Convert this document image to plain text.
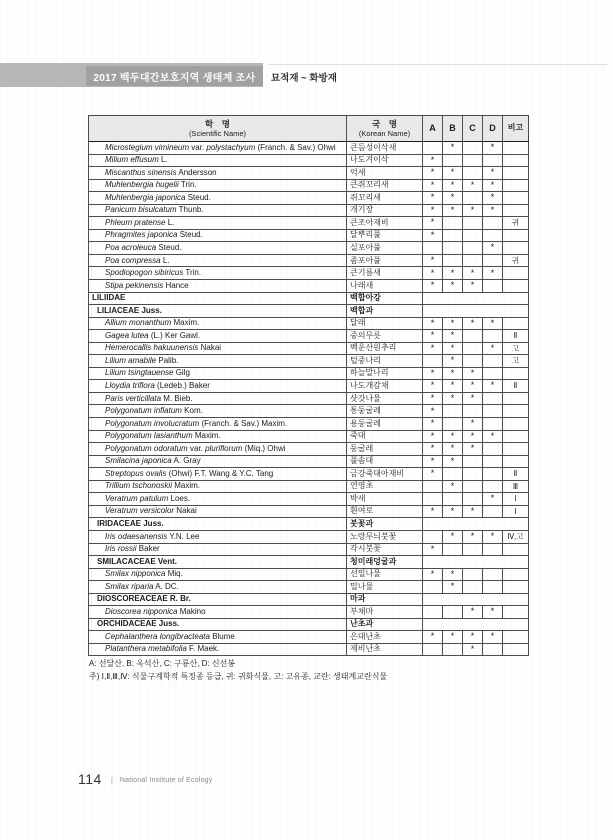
2017 백두대간보호지역 생태계 조사	묘적재 ~ 화방재
학　명
(Scientific Name)

국　명
(Korean Name)
	A	B	C	D	비고
Microstegium vimineum var. polystachyum (Franch. & Sav.) Ohwi	큰듬성이삭새		*		*	
Milium effusum L.	나도겨이삭	*				
Miscanthus sinensis Andersson	억새	*	*		*	
Muhlenbergia hugelii Trin.	큰쥐꼬리새	*	*	*	*	
Muhlenbergia japonica Steud.	쥐꼬리새	*	*		*	
Panicum bisulcatum Thunb.	개기장	*	*	*	*	
Phleum pratense L.	큰조아재비	*				귀
Phragmites japonica Steud.	달뿌리풀	*				
Poa acroleuca Steud.	실포아풀				*	
Poa compressa L.	좀포아풀	*				귀
Spodiopogon sibiricus Trin.	큰기름새	*	*	*	*	
Stipa pekinensis Hance	나래새	*	*	*		
LILIIDAE	백합아강					
LILIACEAE Juss.	백합과					
Allium monanthum Maxim.	달래	*	*	*	*	
Gagea lutea (L.) Ker Gawl.	중의무릇	*	*			Ⅱ
Hemerocallis hakuunensis Nakai	백운산원추리	*	*		*	고
Lilium amabile Palib.	털중나리		*			고
Lilium tsingtauense Gilg	하늘말나리	*	*	*		
Lloydia triflora (Ledeb.) Baker	나도개감채	*	*	*	*	Ⅱ
Paris verticillata M. Bieb.	삿갓나물	*	*	*		
Polygonatum inflatum Kom.	통둥굴레	*				
Polygonatum involucratum (Franch. & Sav.) Maxim.	용둥굴레	*		*		
Polygonatum lasianthum Maxim.	죽대	*	*	*	*	
Polygonatum odoratum var. pluriflorum (Miq.) Ohwi	둥굴레	*	*	*		
Smilacina japonica A. Gray	풀솜대	*	*			
Streptopus ovalis (Ohwi) F.T. Wang & Y.C. Tang	금강죽대아재비	*				Ⅱ
Trillium tschonoskii Maxim.	연영초		*			Ⅲ
Veratrum patulum Loes.	박새				*	Ⅰ
Veratrum versicolor Nakai	흰여로	*	*	*		Ⅰ
IRIDACEAE Juss.	붓꽃과					
Iris odaesanensis Y.N. Lee	노랑무늬붓꽃		*	*	*	Ⅳ,고
Iris rossii Baker	각시붓꽃	*				
SMILACACEAE Vent.	청미래덩굴과					
Smilax nipponica Miq.	선밀나물	*	*			
Smilax riparia A. DC.	밀나물		*			
DIOSCOREACEAE R. Br.	마과					
Dioscorea nipponica Makino	부채마			*	*	
ORCHIDACEAE Juss.	난초과					
Cephalanthera longibracteata Blume	은대난초	*	*	*	*	
Platanthera metabifolia F. Maek.	제비난초			*		
A: 선달산, B: 옥석산, C: 구룡산, D: 신선봉
주) Ⅰ,Ⅱ,Ⅲ,Ⅳ: 식물구계학적 특정종 등급, 귀: 귀화식물, 고: 고유종, 교란: 생태계교란식물
114 | National Institute of Ecology
